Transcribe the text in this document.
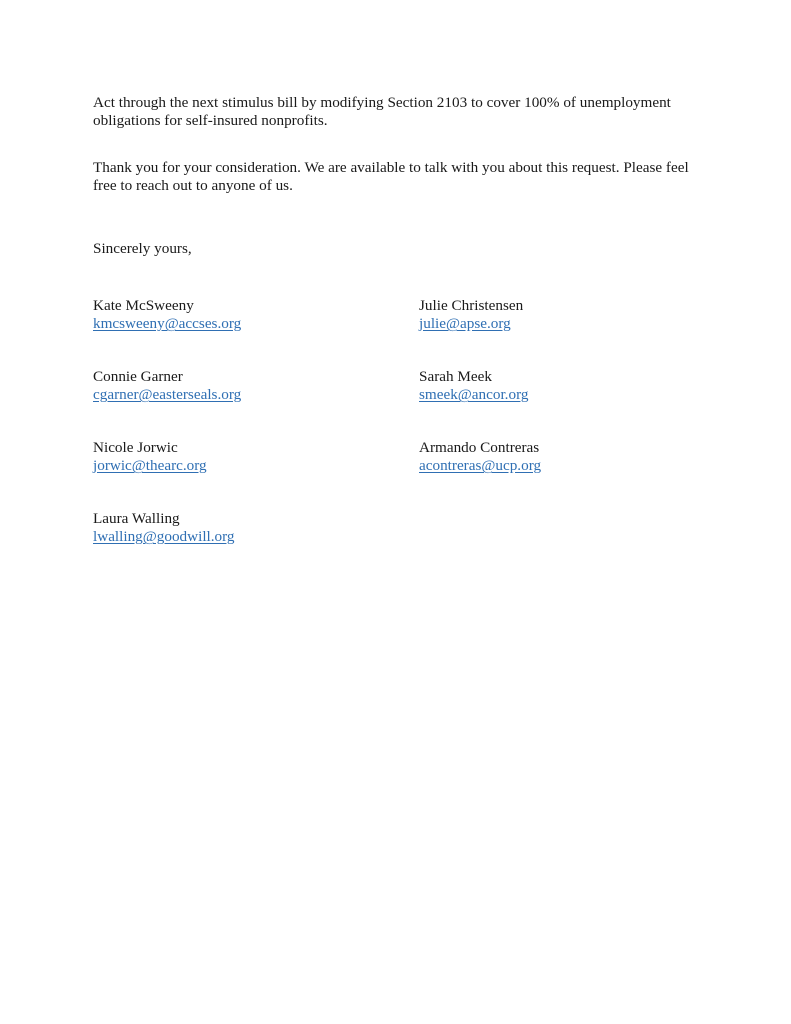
Act through the next stimulus bill by modifying Section 2103 to cover 100% of unemployment obligations for self-insured nonprofits.

Thank you for your consideration. We are available to talk with you about this request. Please feel free to reach out to anyone of us.

Sincerely yours,

Kate McSweeny
kmcsweeny@accses.org
Julie Christensen
julie@apse.org
Connie Garner
cgarner@easterseals.org
Sarah Meek
smeek@ancor.org
Nicole Jorwic
jorwic@thearc.org
Armando Contreras
acontreras@ucp.org
Laura Walling
lwalling@goodwill.org
